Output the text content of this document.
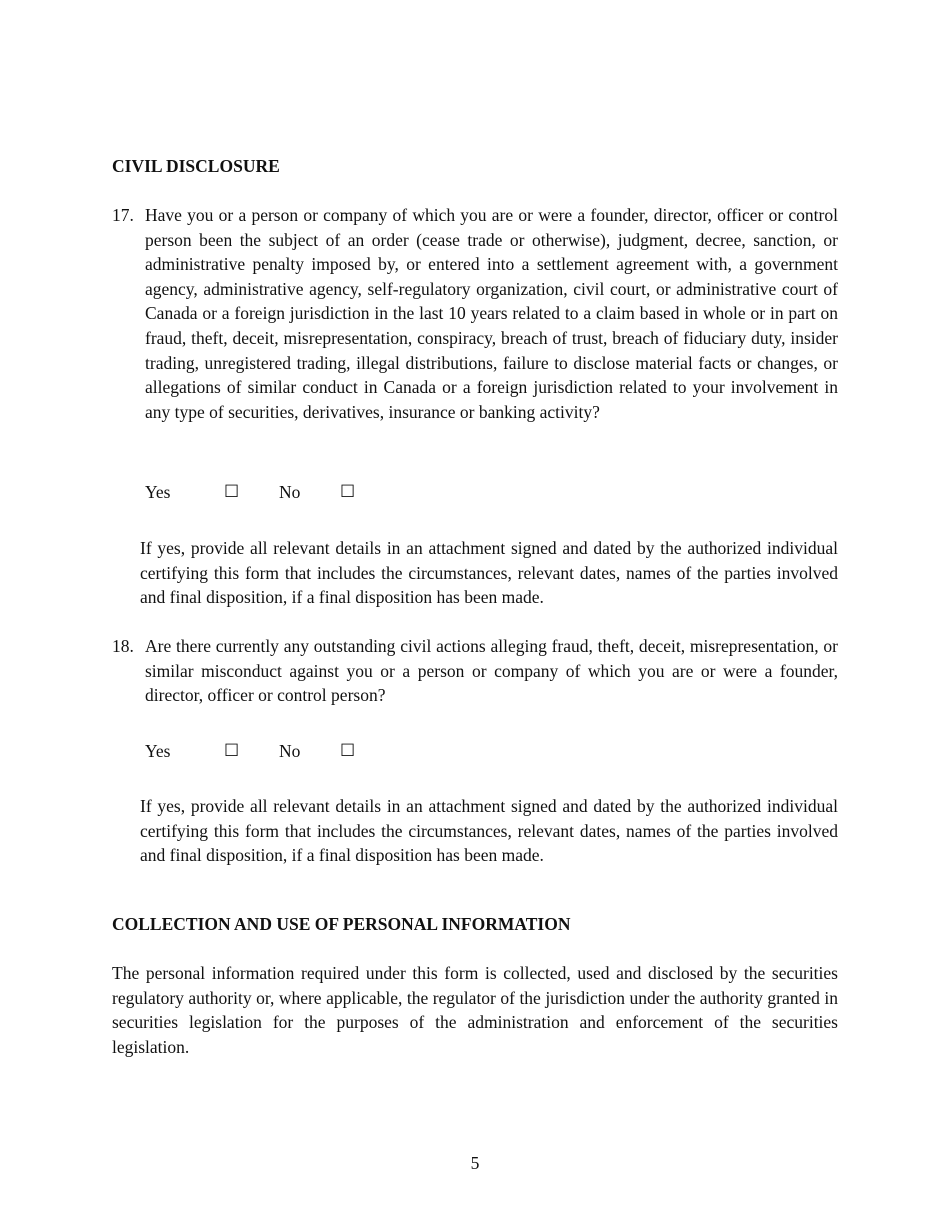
CIVIL DISCLOSURE
17. Have you or a person or company of which you are or were a founder, director, officer or control person been the subject of an order (cease trade or otherwise), judgment, decree, sanction, or administrative penalty imposed by, or entered into a settlement agreement with, a government agency, administrative agency, self-regulatory organization, civil court, or administrative court of Canada or a foreign jurisdiction in the last 10 years related to a claim based in whole or in part on fraud, theft, deceit, misrepresentation, conspiracy, breach of trust, breach of fiduciary duty, insider trading, unregistered trading, illegal distributions, failure to disclose material facts or changes, or allegations of similar conduct in Canada or a foreign jurisdiction related to your involvement in any type of securities, derivatives, insurance or banking activity?
Yes	☐ No ☐
If yes, provide all relevant details in an attachment signed and dated by the authorized individual certifying this form that includes the circumstances, relevant dates, names of the parties involved and final disposition, if a final disposition has been made.
18. Are there currently any outstanding civil actions alleging fraud, theft, deceit, misrepresentation, or similar misconduct against you or a person or company of which you are or were a founder, director, officer or control person?
Yes	☐ No ☐
If yes, provide all relevant details in an attachment signed and dated by the authorized individual certifying this form that includes the circumstances, relevant dates, names of the parties involved and final disposition, if a final disposition has been made.
COLLECTION AND USE OF PERSONAL INFORMATION
The personal information required under this form is collected, used and disclosed by the securities regulatory authority or, where applicable, the regulator of the jurisdiction under the authority granted in securities legislation for the purposes of the administration and enforcement of the securities legislation.
5
